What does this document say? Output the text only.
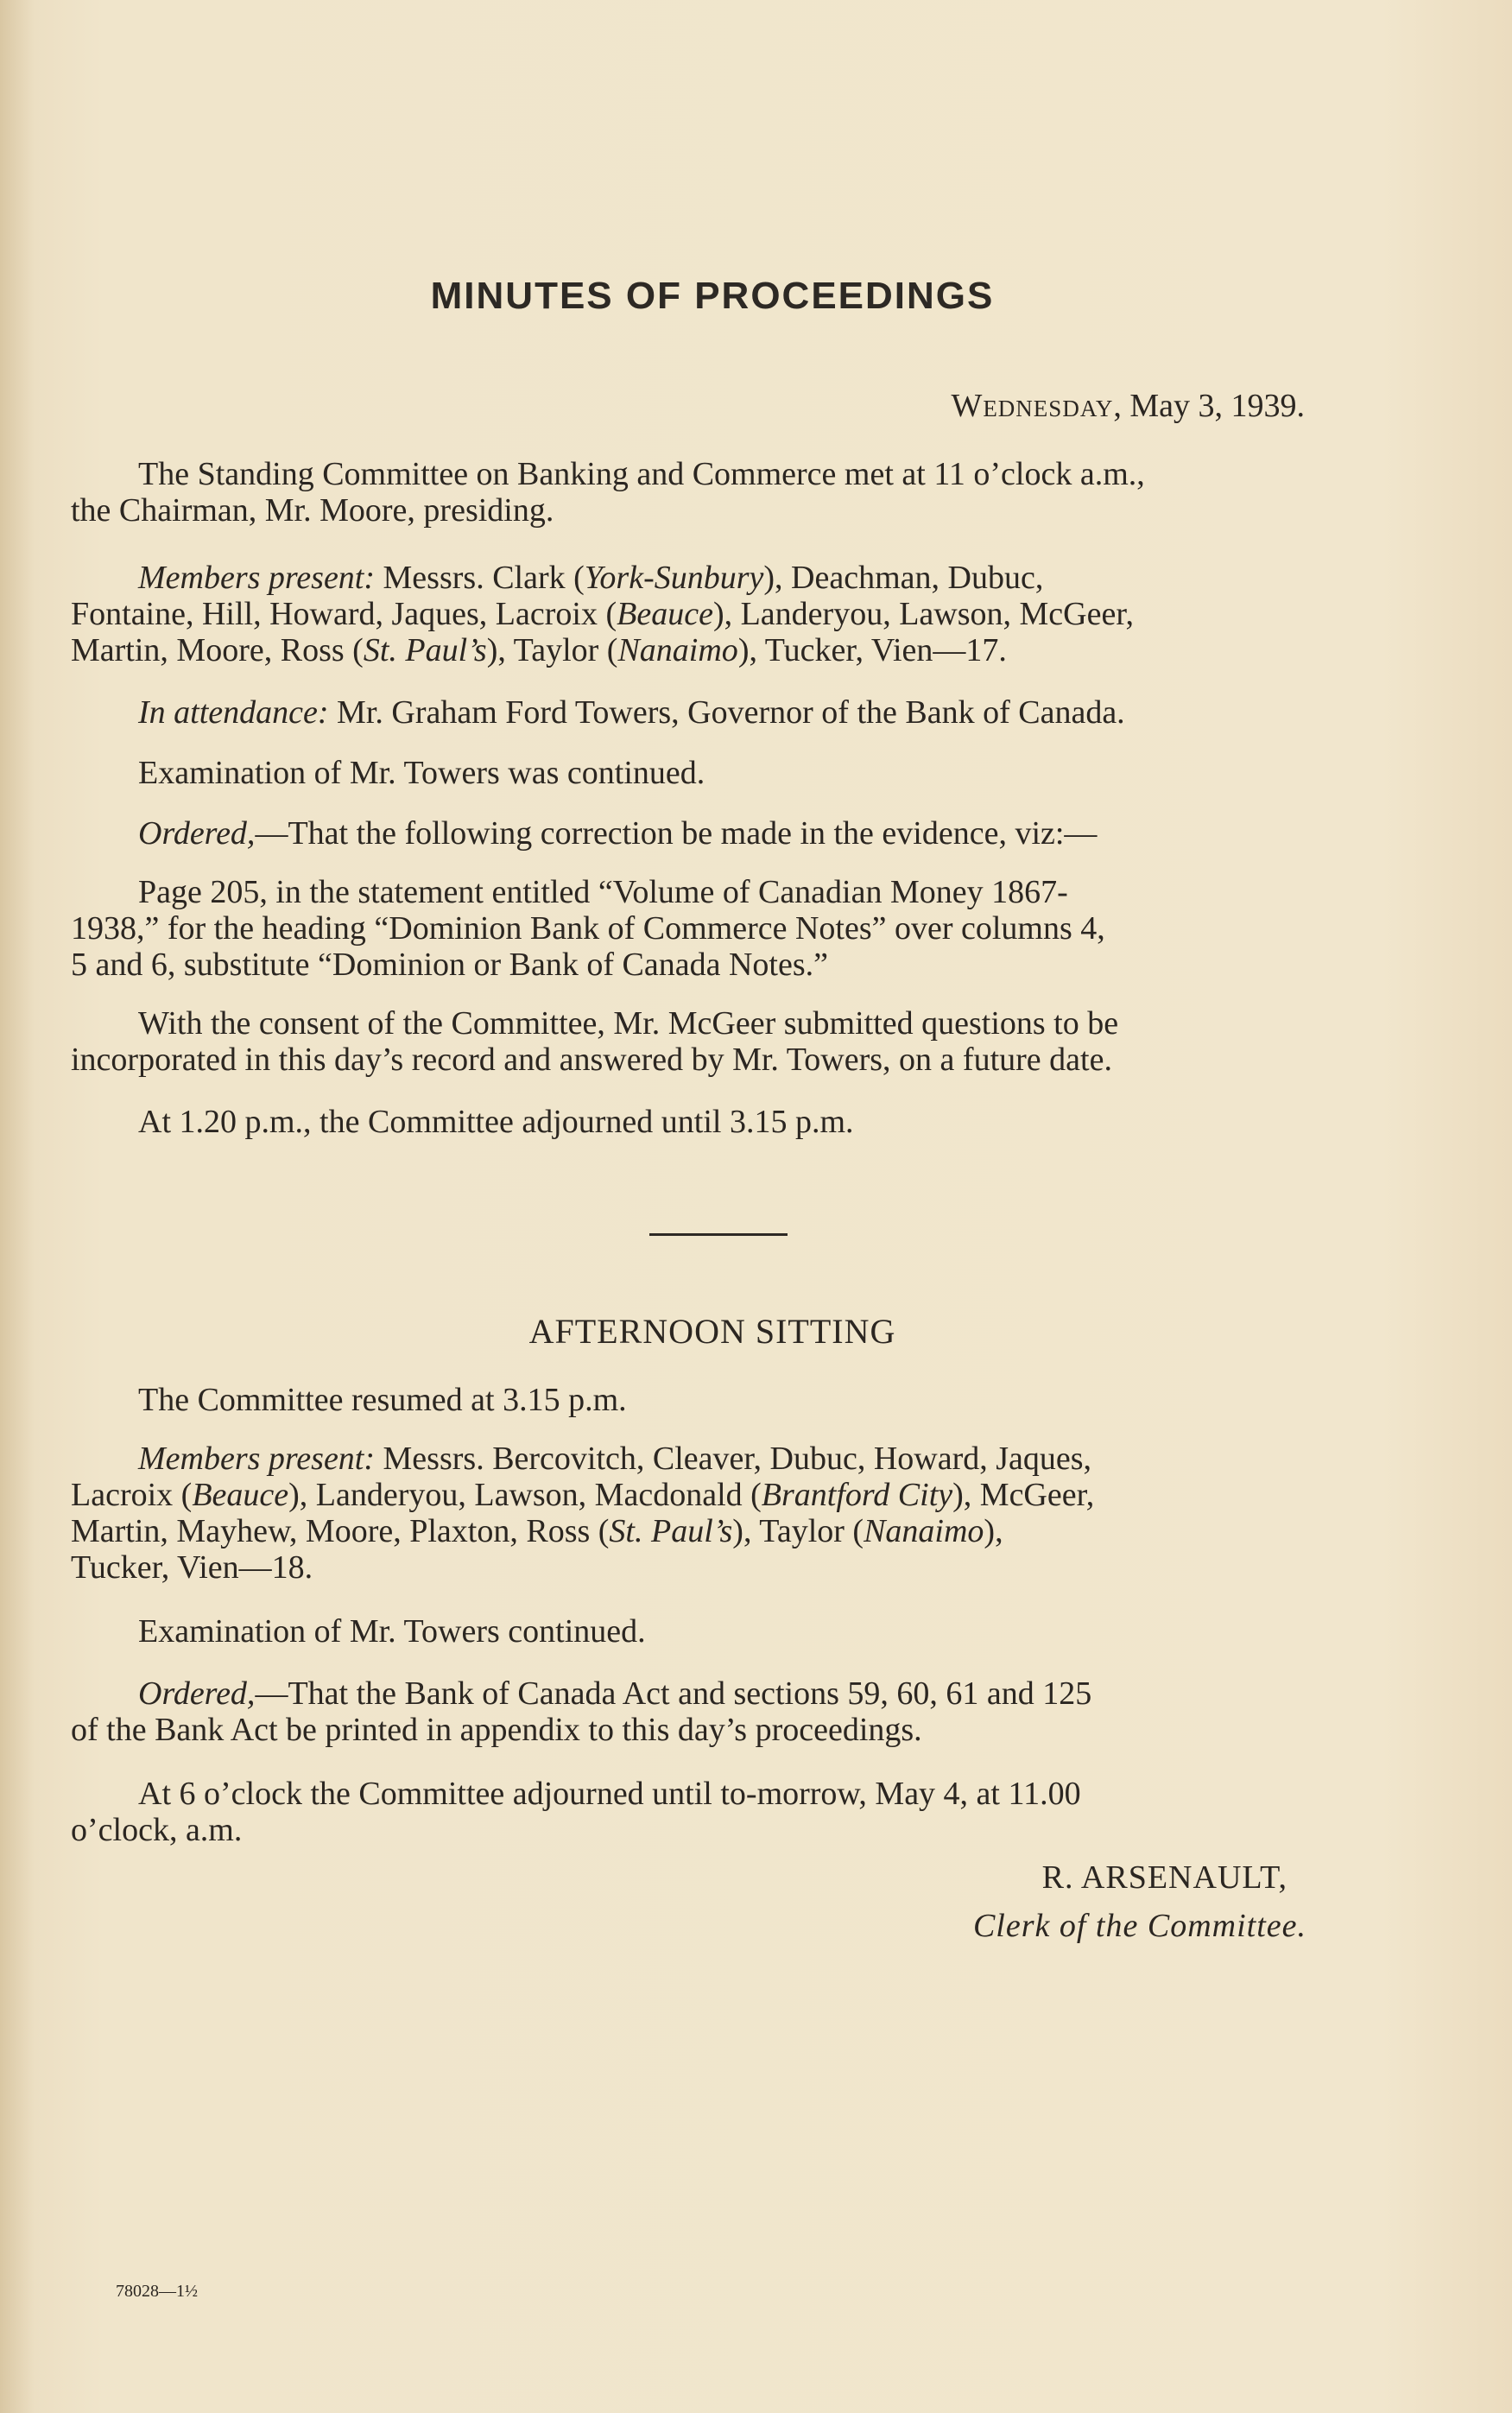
MINUTES OF PROCEEDINGS
Wednesday, May 3, 1939.
The Standing Committee on Banking and Commerce met at 11 o’clock a.m.,
the Chairman, Mr. Moore, presiding.
Members present: Messrs. Clark (York-Sunbury), Deachman, Dubuc,
Fontaine, Hill, Howard, Jaques, Lacroix (Beauce), Landeryou, Lawson, McGeer,
Martin, Moore, Ross (St. Paul’s), Taylor (Nanaimo), Tucker, Vien—17.
In attendance: Mr. Graham Ford Towers, Governor of the Bank of Canada.
Examination of Mr. Towers was continued.
Ordered,—That the following correction be made in the evidence, viz:—
Page 205, in the statement entitled “Volume of Canadian Money 1867-
1938,” for the heading “Dominion Bank of Commerce Notes” over columns 4,
5 and 6, substitute “Dominion or Bank of Canada Notes.”
With the consent of the Committee, Mr. McGeer submitted questions to be
incorporated in this day’s record and answered by Mr. Towers, on a future date.
At 1.20 p.m., the Committee adjourned until 3.15 p.m.
AFTERNOON SITTING
The Committee resumed at 3.15 p.m.
Members present: Messrs. Bercovitch, Cleaver, Dubuc, Howard, Jaques,
Lacroix (Beauce), Landeryou, Lawson, Macdonald (Brantford City), McGeer,
Martin, Mayhew, Moore, Plaxton, Ross (St. Paul’s), Taylor (Nanaimo),
Tucker, Vien—18.
Examination of Mr. Towers continued.
Ordered,—That the Bank of Canada Act and sections 59, 60, 61 and 125
of the Bank Act be printed in appendix to this day’s proceedings.
At 6 o’clock the Committee adjourned until to-morrow, May 4, at 11.00
o’clock, a.m.
R. ARSENAULT,
Clerk of the Committee.
78028—1½
